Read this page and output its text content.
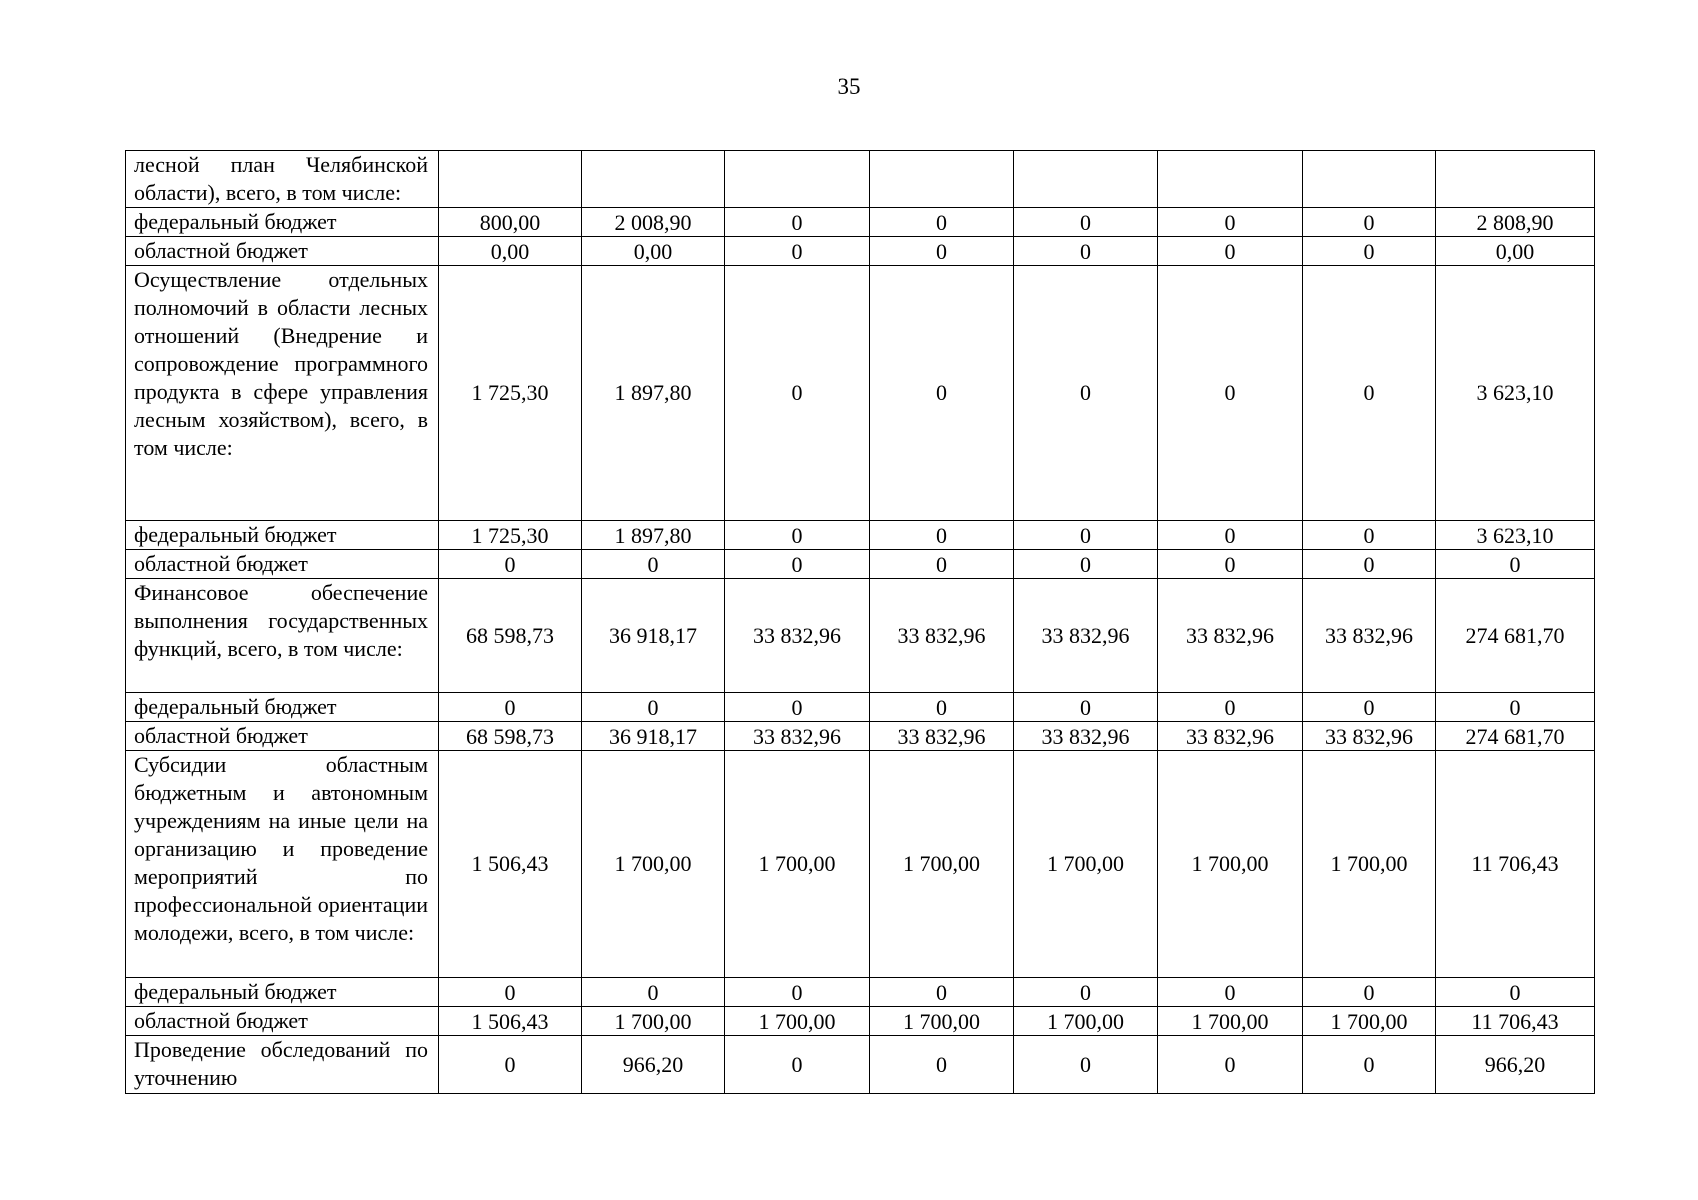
35
лесной план Челябинской области), всего, в том числе:								
федеральный бюджет	800,00	2 008,90	0	0	0	0	0	2 808,90
областной бюджет	0,00	0,00	0	0	0	0	0	0,00
Осуществление отдельных полномочий в области лесных отношений (Внедрение и сопровождение программного продукта в сфере управления лесным хозяйством), всего, в том числе:	1 725,30	1 897,80	0	0	0	0	0	3 623,10
федеральный бюджет	1 725,30	1 897,80	0	0	0	0	0	3 623,10
областной бюджет	0	0	0	0	0	0	0	0
Финансовое обеспечение выполнения государственных функций, всего, в том числе:	68 598,73	36 918,17	33 832,96	33 832,96	33 832,96	33 832,96	33 832,96	274 681,70
федеральный бюджет	0	0	0	0	0	0	0	0
областной бюджет	68 598,73	36 918,17	33 832,96	33 832,96	33 832,96	33 832,96	33 832,96	274 681,70
Субсидии областным бюджетным и автономным учреждениям на иные цели на организацию и проведение мероприятий по профессиональной ориентации молодежи, всего, в том числе:	1 506,43	1 700,00	1 700,00	1 700,00	1 700,00	1 700,00	1 700,00	11 706,43
федеральный бюджет	0	0	0	0	0	0	0	0
областной бюджет	1 506,43	1 700,00	1 700,00	1 700,00	1 700,00	1 700,00	1 700,00	11 706,43
Проведение обследований по уточнению	0	966,20	0	0	0	0	0	966,20
